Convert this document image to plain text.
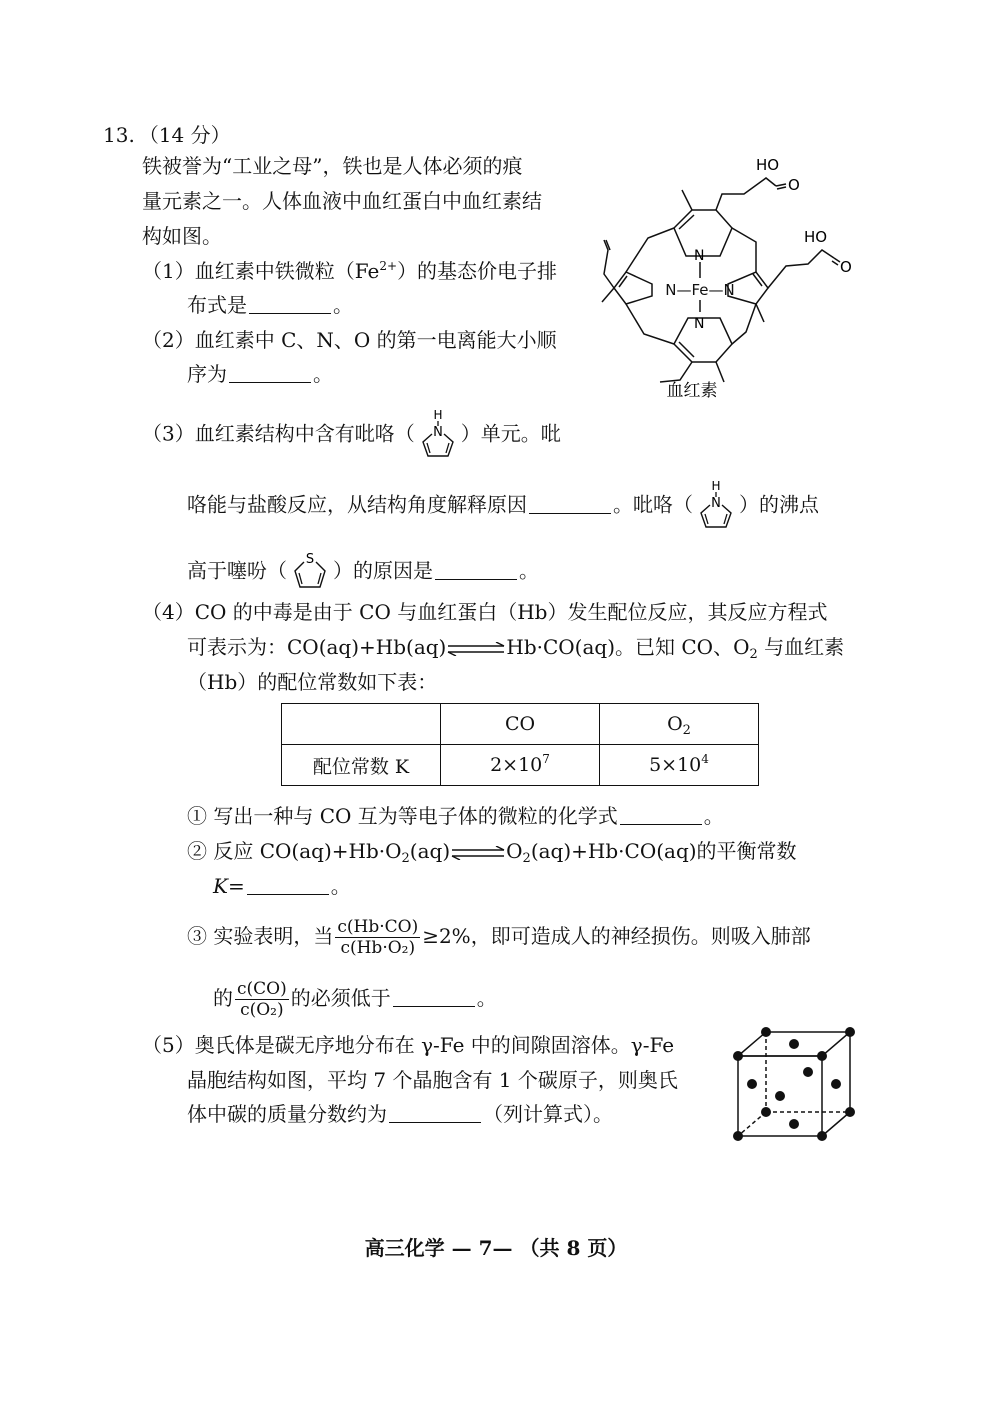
13. （14 分）
铁被誉为“工业之母”，铁也是人体必须的痕
量元素之一。人体血液中血红蛋白中血红素结
构如图。
（1）血红素中铁微粒$(Fe^{2+})$的基态价电子排
布式是	。
（2）血红素中 C、N、O 的第一电离能大小顺
序为	。
（3）血红素结构中含有吡咯（
H
N ）单元。吡
咯能与盐酸反应，从结构角度解释原因	。吡咯（
H
N ）的沸点
高于噻吩（ S ）的原因是	。
（4）CO 的中毒是由于 CO 与血红蛋白（Hb）发生配位反应，其反应方程式
可表示为：CO(aq)+Hb(aq)⇌Hb·CO(aq)。已知 CO、$O_2$ 与血红素
（Hb）的配位常数如下表：
	CO	$O_2$
配位常数 K	$2\times 10^7$	$5\times 10^4$
① 写出一种与 CO 互为等电子体的微粒的化学式	。
② 反应 $CO(aq)+Hb\cdot O_2(aq)\rightleftharpoons O_2(aq)+Hb\cdot CO(aq)$的平衡常数
K=	。
③ 实验表明，当 $\frac{c(Hb\cdot CO)}{\text{c(Hb·O₂)}} \ge 2\%$，即可造成人的神经损伤。则吸入肺部
的 $\frac{c(CO)}{\text{c(O₂)}}$ 的必须低于	。
（5）奥氏体是碳无序地分布在 γ-Fe 中的间隙固溶体。γ-Fe
晶胞结构如图，平均 7 个晶胞含有 1 个碳原子，则奥氏
体中碳的质量分数约为	（列计算式）。
HO
O
HO
O
N
N
N—Fe—N
血红素
高三化学 — 7— （共 8 页）
